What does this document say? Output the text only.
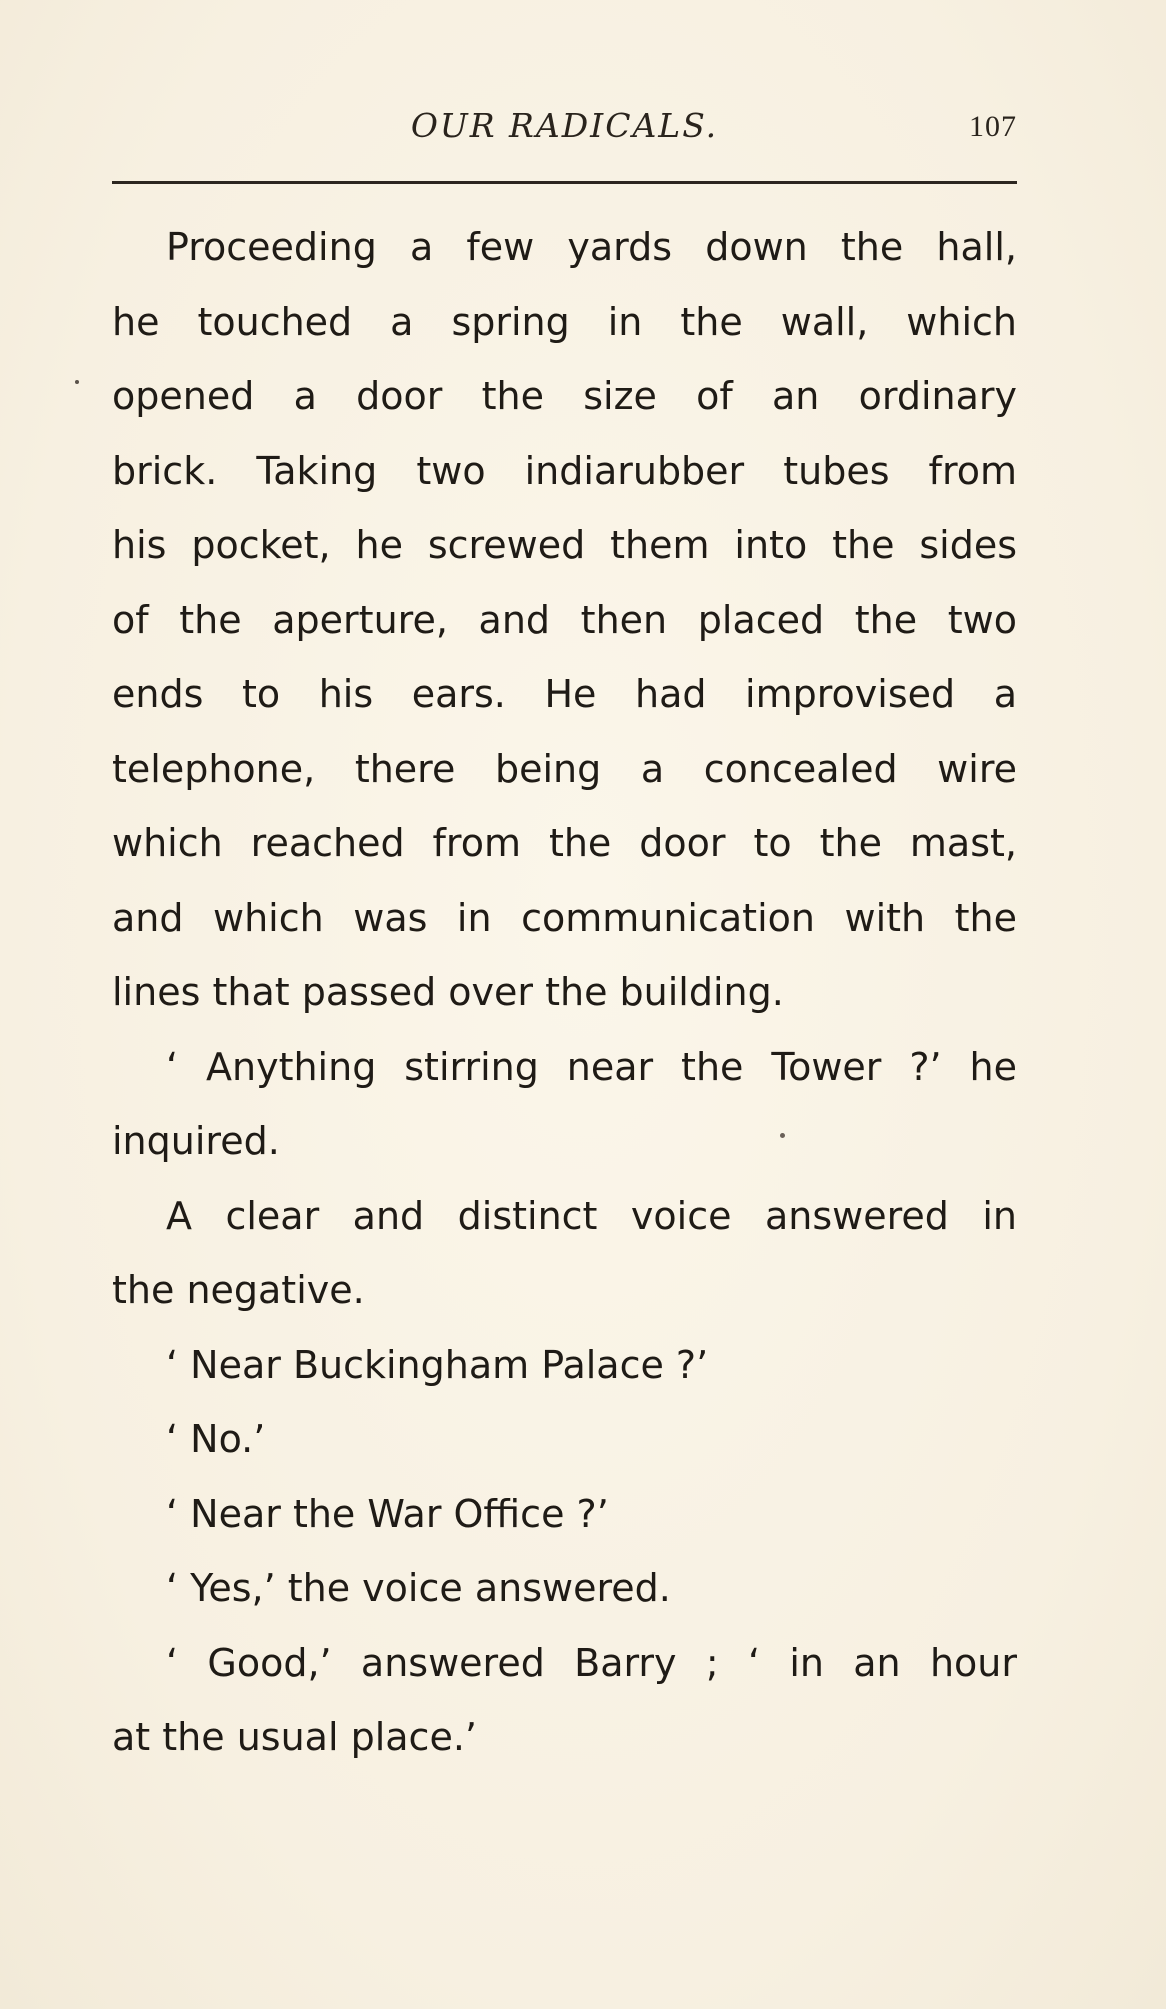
OUR RADICALS.	107
Proceeding a few yards down the hall,
he touched a spring in the wall, which
opened a door the size of an ordinary
brick. Taking two indiarubber tubes from
his pocket, he screwed them into the sides
of the aperture, and then placed the two
ends to his ears. He had improvised a
telephone, there being a concealed wire
which reached from the door to the mast,
and which was in communication with the
lines that passed over the building.
‘ Anything stirring near the Tower ?’ he
inquired.
A clear and distinct voice answered in
the negative.
‘ Near Buckingham Palace ?’
‘ No.’
‘ Near the War Office ?’
‘ Yes,’ the voice answered.
‘ Good,’ answered Barry ; ‘ in an hour
at the usual place.’
